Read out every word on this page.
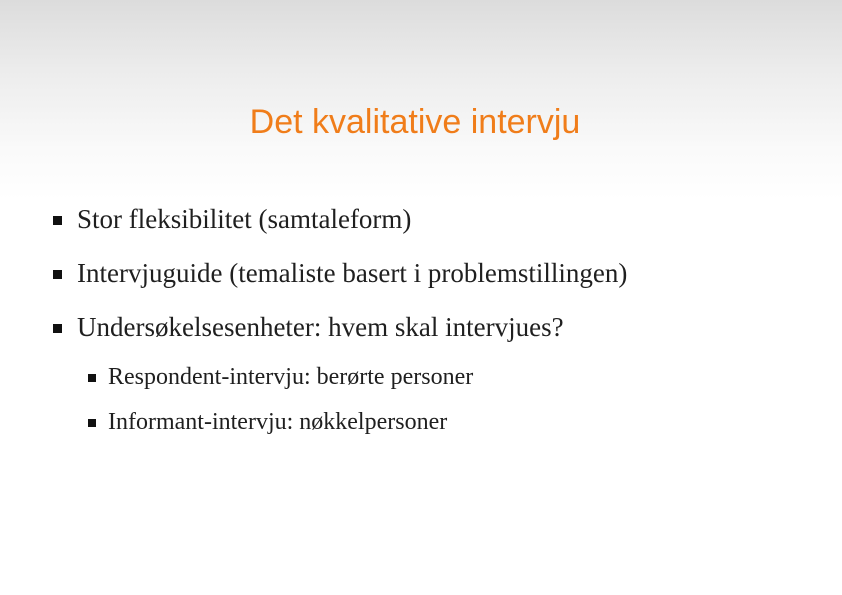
Det kvalitative intervju
Stor fleksibilitet (samtaleform)
Intervjuguide (temaliste basert i problemstillingen)
Undersøkelsesenheter: hvem skal intervjues?
Respondent-intervju: berørte personer
Informant-intervju: nøkkelpersoner
